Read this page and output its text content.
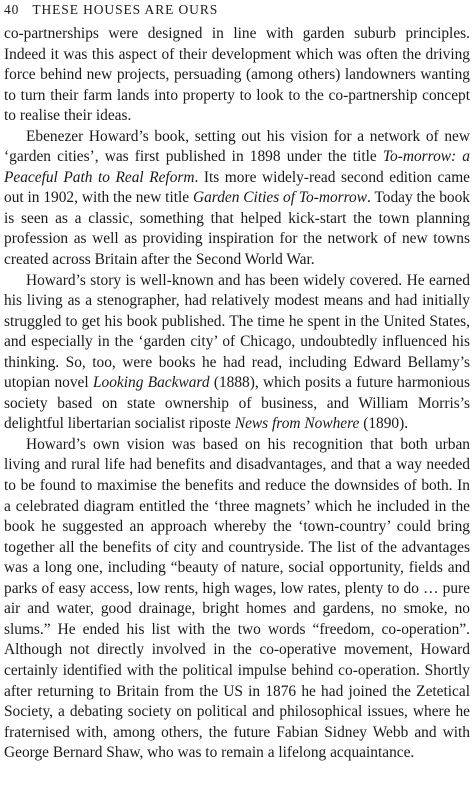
40 THESE HOUSES ARE OURS

co-partnerships were designed in line with garden suburb principles. Indeed it was this aspect of their development which was often the driving force behind new projects, persuading (among others) landowners wanting to turn their farm lands into property to look to the co-partnership concept to realise their ideas.

Ebenezer Howard’s book, setting out his vision for a network of new ‘garden cities’, was first published in 1898 under the title To-morrow: a Peaceful Path to Real Reform. Its more widely-read second edition came out in 1902, with the new title Garden Cities of To-morrow. Today the book is seen as a classic, something that helped kick-start the town planning profession as well as providing inspiration for the network of new towns created across Britain after the Second World War.

Howard’s story is well-known and has been widely covered. He earned his living as a stenographer, had relatively modest means and had initially struggled to get his book published. The time he spent in the United States, and especially in the ‘garden city’ of Chicago, undoubtedly influenced his thinking. So, too, were books he had read, including Edward Bellamy’s utopian novel Looking Backward (1888), which posits a future harmonious society based on state ownership of business, and William Morris’s delightful libertarian socialist riposte News from Nowhere (1890).

Howard’s own vision was based on his recognition that both urban living and rural life had benefits and disadvantages, and that a way needed to be found to maximise the benefits and reduce the downsides of both. In a celebrated diagram entitled the ‘three magnets’ which he included in the book he suggested an approach whereby the ‘town-country’ could bring together all the benefits of city and countryside. The list of the advantages was a long one, including “beauty of nature, social opportunity, fields and parks of easy access, low rents, high wages, low rates, plenty to do … pure air and water, good drainage, bright homes and gardens, no smoke, no slums.” He ended his list with the two words “freedom, co-operation”. Although not directly involved in the co-operative movement, Howard certainly identified with the political impulse behind co-operation. Shortly after returning to Britain from the US in 1876 he had joined the Zetetical Society, a debating society on political and philosophical issues, where he fraternised with, among others, the future Fabian Sidney Webb and with George Bernard Shaw, who was to remain a lifelong acquaintance.
